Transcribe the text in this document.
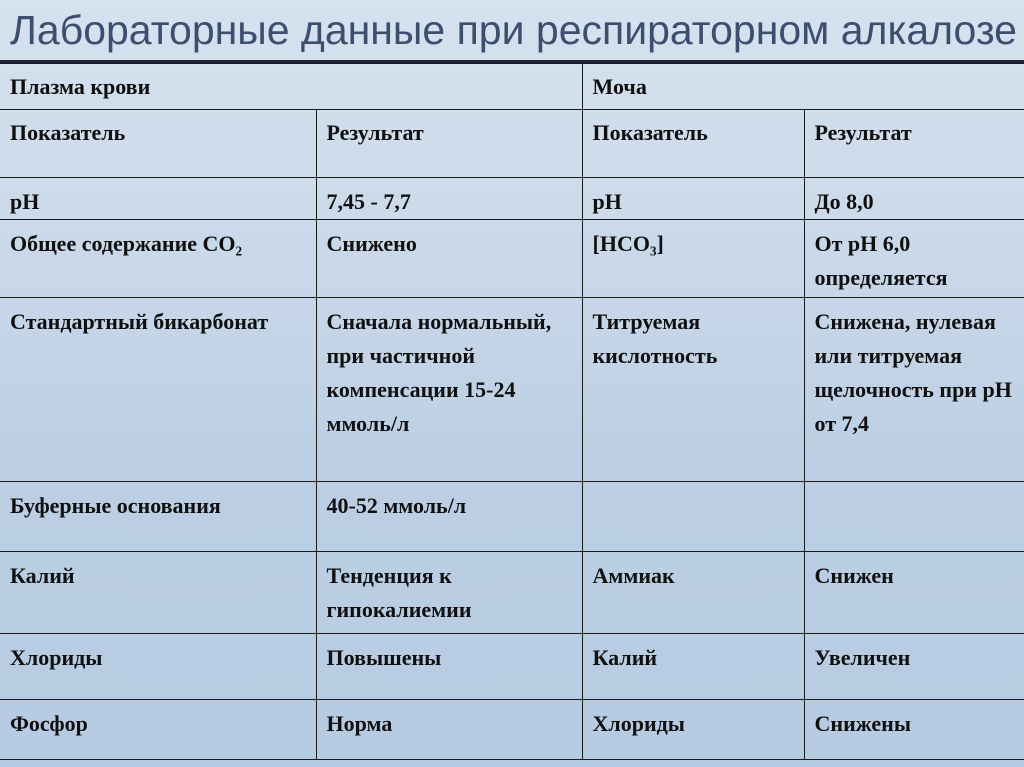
Лабораторные данные при респираторном алкалозе
Плазма крови		Моча	
Показатель	Результат	Показатель	Результат
pH	7,45 - 7,7	pH	До 8,0
Общее содержание CO₂	Снижено	[HCO₃]	От pH 6,0 определяется
Стандартный бикарбонат	Сначала нормальный, при частичной компенсации 15-24 ммоль/л	Титруемая кислотность	Снижена, нулевая или титруемая щелочность при pH от 7,4
Буферные основания	40-52 ммоль/л		
Калий	Тенденция к гипокалиемии	Аммиак	Снижен
Хлориды	Повышены	Калий	Увеличен
Фосфор	Норма	Хлориды	Снижены
